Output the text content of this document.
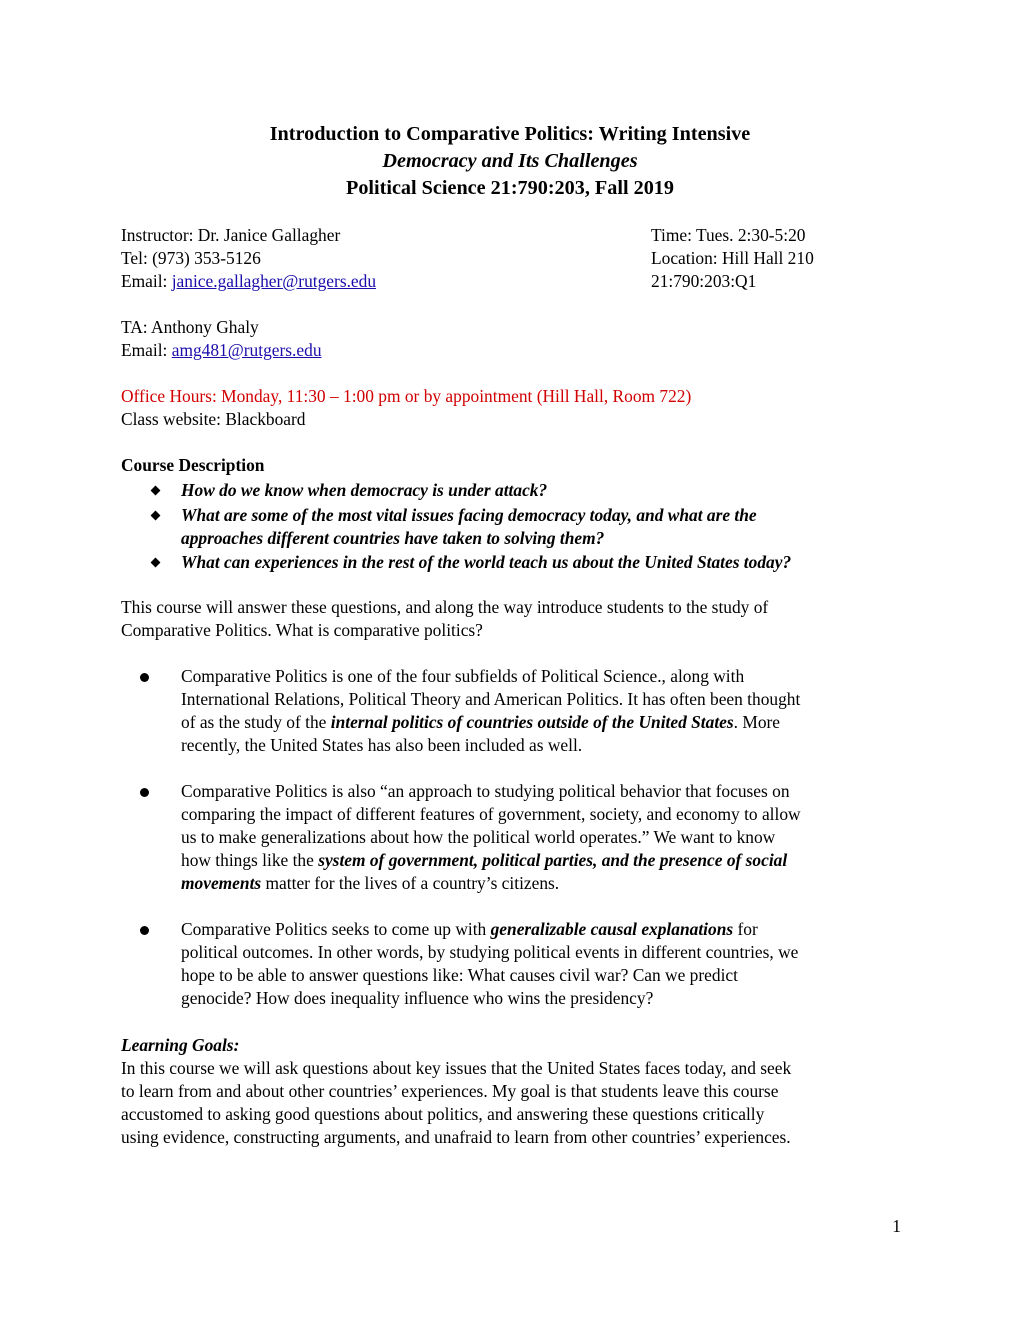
Introduction to Comparative Politics: Writing Intensive
Democracy and Its Challenges
Political Science 21:790:203, Fall 2019
Instructor: Dr. Janice Gallagher
Tel: (973) 353-5126
Email: janice.gallagher@rutgers.edu
Time: Tues. 2:30-5:20
Location: Hill Hall 210
21:790:203:Q1
TA: Anthony Ghaly
Email: amg481@rutgers.edu
Office Hours: Monday, 11:30 – 1:00 pm or by appointment (Hill Hall, Room 722)
Class website: Blackboard
Course Description
How do we know when democracy is under attack?
What are some of the most vital issues facing democracy today, and what are the
approaches different countries have taken to solving them?
What can experiences in the rest of the world teach us about the United States today?
This course will answer these questions, and along the way introduce students to the study of
Comparative Politics. What is comparative politics?
Comparative Politics is one of the four subfields of Political Science., along with
International Relations, Political Theory and American Politics. It has often been thought
of as the study of the internal politics of countries outside of the United States. More
recently, the United States has also been included as well.
Comparative Politics is also “an approach to studying political behavior that focuses on
comparing the impact of different features of government, society, and economy to allow
us to make generalizations about how the political world operates.” We want to know
how things like the system of government, political parties, and the presence of social
movements matter for the lives of a country’s citizens.
Comparative Politics seeks to come up with generalizable causal explanations for
political outcomes. In other words, by studying political events in different countries, we
hope to be able to answer questions like: What causes civil war? Can we predict
genocide? How does inequality influence who wins the presidency?
Learning Goals:
In this course we will ask questions about key issues that the United States faces today, and seek
to learn from and about other countries’ experiences. My goal is that students leave this course
accustomed to asking good questions about politics, and answering these questions critically
using evidence, constructing arguments, and unafraid to learn from other countries’ experiences.
1
